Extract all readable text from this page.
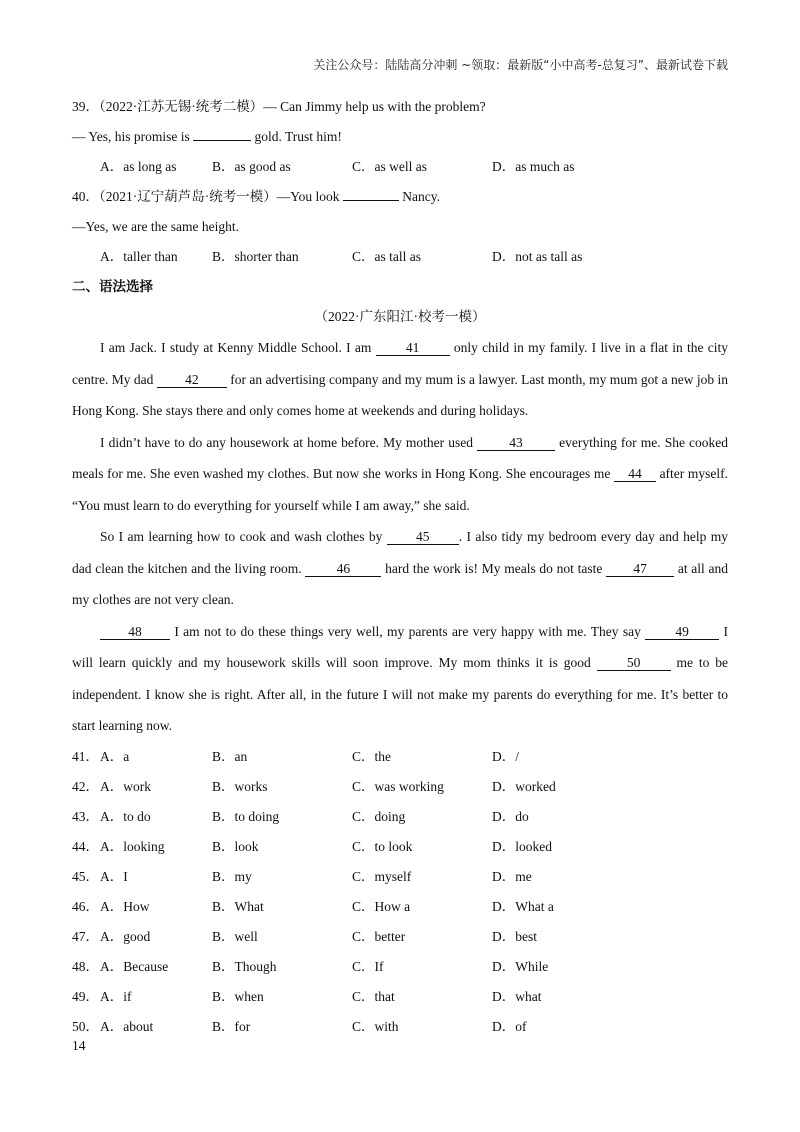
关注公众号：陆陆高分冲刺 ~领取：最新版“小中高考-总复习”、最新试卷下载
39．（2022·江苏无锡·统考二模）— Can Jimmy help us with the problem?
— Yes, his promise is	gold. Trust him!
A．as long as	B．as good as	C．as well as	D．as much as
40．（2021·辽宁葫芦岛·统考一模）—You look	Nancy.
—Yes, we are the same height.
A．taller than	B．shorter than	C．as tall as	D．not as tall as
二、语法选择
（2022·广东阳江·校考一模）

I am Jack. I study at Kenny Middle School. I am	41	only child in my family. I live in a flat in the city centre. My dad 42 for an advertising company and my mum is a lawyer. Last month, my mum got a new job in Hong Kong. She stays there and only comes home at weekends and during holidays.

I didn’t have to do any housework at home before. My mother used	43	everything for me. She cooked meals for me. She even washed my clothes. But now she works in Hong Kong. She encourages me 44 after myself. “You must learn to do everything for yourself while I am away,” she said.

So I am learning how to cook and wash clothes by 45 . I also tidy my bedroom every day and help my dad clean the kitchen and the living room.	46	hard the work is! My meals do not taste 47 at all and my clothes are not very clean.

48 I am not to do these things very well, my parents are very happy with me. They say	49	I will learn quickly and my housework skills will soon improve. My mom thinks it is good	50	me to be independent. I know she is right. After all, in the future I will not make my parents do everything for me. It’s better to start learning now.

41． A．a	B．an	C．the	D．/
42． A．work	B．works	C．was working	D．worked
43． A．to do	B．to doing	C．doing	D．do
44． A．looking	B．look	C．to look	D．looked
45． A．I	B．my	C．myself	D．me
46． A．How	B．What	C．How a	D．What a
47． A．good	B．well	C．better	D．best
48． A．Because	B．Though	C．If	D．While
49． A．if	B．when	C．that	D．what
50． A．about	B．for	C．with	D．of
14
